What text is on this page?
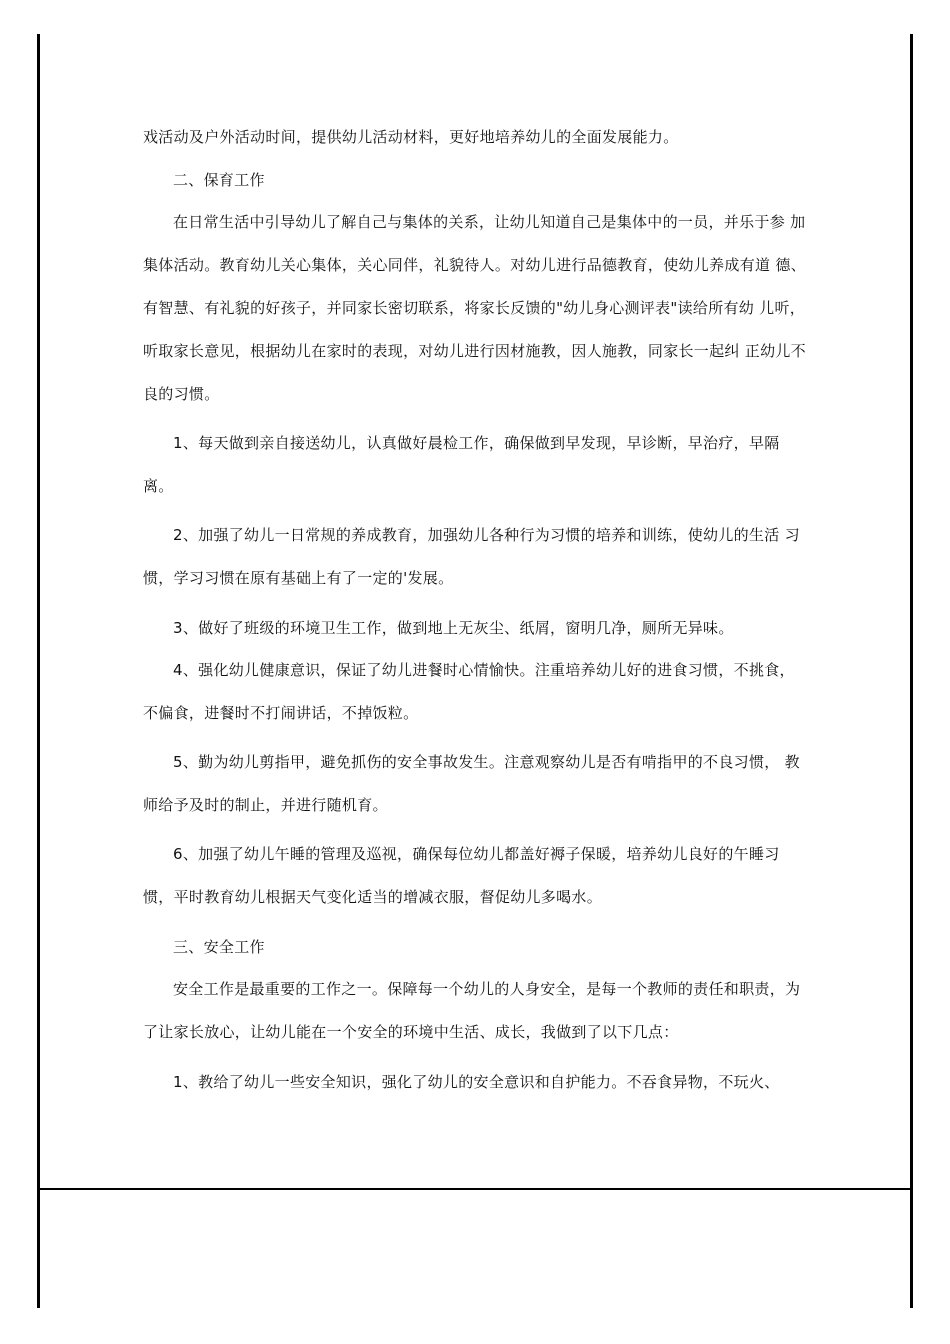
戏活动及户外活动时间，提供幼儿活动材料，更好地培养幼儿的全面发展能力。

二、保育工作

在日常生活中引导幼儿了解自己与集体的关系，让幼儿知道自己是集体中的一员，并乐于参 加集体活动。教育幼儿关心集体，关心同伴，礼貌待人。对幼儿进行品德教育，使幼儿养成有道 德、有智慧、有礼貌的好孩子，并同家长密切联系，将家长反馈的"幼儿身心测评表"读给所有幼 儿听，听取家长意见，根据幼儿在家时的表现，对幼儿进行因材施教，因人施教，同家长一起纠 正幼儿不良的习惯。

1、每天做到亲自接送幼儿，认真做好晨检工作，确保做到早发现，早诊断，早治疗，早隔 离。

2、加强了幼儿一日常规的养成教育，加强幼儿各种行为习惯的培养和训练，使幼儿的生活 习惯，学习习惯在原有基础上有了一定的'发展。

3、做好了班级的环境卫生工作，做到地上无灰尘、纸屑，窗明几净，厕所无异味。

4、强化幼儿健康意识，保证了幼儿进餐时心情愉快。注重培养幼儿好的进食习惯，不挑食， 不偏食，进餐时不打闹讲话，不掉饭粒。

5、勤为幼儿剪指甲，避免抓伤的安全事故发生。注意观察幼儿是否有啃指甲的不良习惯， 教师给予及时的制止，并进行随机育。

6、加强了幼儿午睡的管理及巡视，确保每位幼儿都盖好褥子保暖，培养幼儿良好的午睡习 惯，平时教育幼儿根据天气变化适当的增减衣服，督促幼儿多喝水。

三、安全工作

安全工作是最重要的工作之一。保障每一个幼儿的人身安全，是每一个教师的责任和职责，为了让家长放心，让幼儿能在一个安全的环境中生活、成长，我做到了以下几点：

1、教给了幼儿一些安全知识，强化了幼儿的安全意识和自护能力。不吞食异物，不玩火、
